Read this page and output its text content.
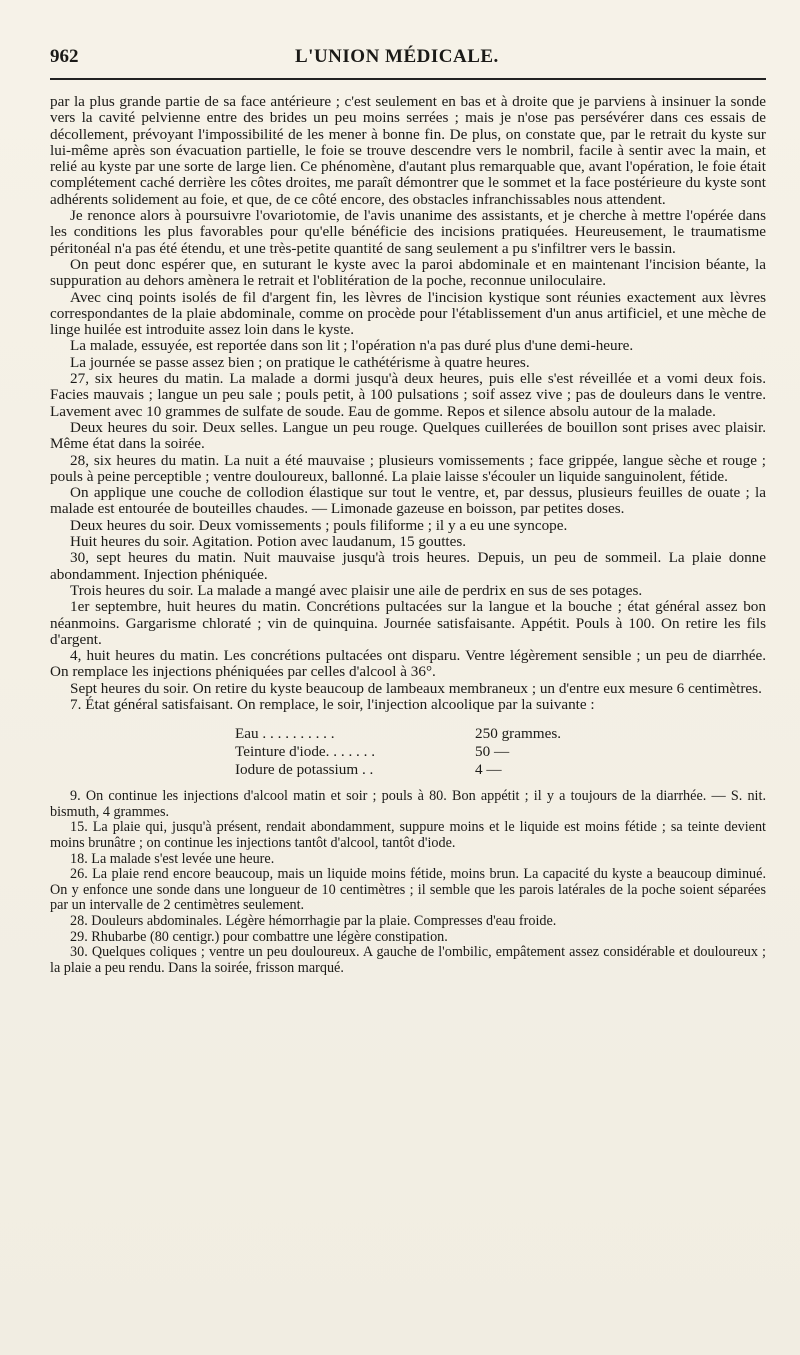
962	L'UNION MÉDICALE.

par la plus grande partie de sa face antérieure ; c'est seulement en bas et à droite que je parviens à insinuer la sonde vers la cavité pelvienne entre des brides un peu moins serrées ; mais je n'ose pas persévérer dans ces essais de décollement, prévoyant l'impossibilité de les mener à bonne fin. De plus, on constate que, par le retrait du kyste sur lui-même après son évacuation partielle, le foie se trouve descendre vers le nombril, facile à sentir avec la main, et relié au kyste par une sorte de large lien. Ce phénomène, d'autant plus remarquable que, avant l'opération, le foie était complétement caché derrière les côtes droites, me paraît démontrer que le sommet et la face postérieure du kyste sont adhérents solidement au foie, et que, de ce côté encore, des obstacles infranchissables nous attendent.

Je renonce alors à poursuivre l'ovariotomie, de l'avis unanime des assistants, et je cherche à mettre l'opérée dans les conditions les plus favorables pour qu'elle bénéficie des incisions pratiquées. Heureusement, le traumatisme péritonéal n'a pas été étendu, et une très-petite quantité de sang seulement a pu s'infiltrer vers le bassin.

On peut donc espérer que, en suturant le kyste avec la paroi abdominale et en maintenant l'incision béante, la suppuration au dehors amènera le retrait et l'oblitération de la poche, reconnue uniloculaire.

Avec cinq points isolés de fil d'argent fin, les lèvres de l'incision kystique sont réunies exactement aux lèvres correspondantes de la plaie abdominale, comme on procède pour l'établissement d'un anus artificiel, et une mèche de linge huilée est introduite assez loin dans le kyste.

La malade, essuyée, est reportée dans son lit ; l'opération n'a pas duré plus d'une demi-heure.

La journée se passe assez bien ; on pratique le cathétérisme à quatre heures.

27, six heures du matin. La malade a dormi jusqu'à deux heures, puis elle s'est réveillée et a vomi deux fois. Facies mauvais ; langue un peu sale ; pouls petit, à 100 pulsations ; soif assez vive ; pas de douleurs dans le ventre. Lavement avec 10 grammes de sulfate de soude. Eau de gomme. Repos et silence absolu autour de la malade.

Deux heures du soir. Deux selles. Langue un peu rouge. Quelques cuillerées de bouillon sont prises avec plaisir. Même état dans la soirée.

28, six heures du matin. La nuit a été mauvaise ; plusieurs vomissements ; face grippée, langue sèche et rouge ; pouls à peine perceptible ; ventre douloureux, ballonné. La plaie laisse s'écouler un liquide sanguinolent, fétide.

On applique une couche de collodion élastique sur tout le ventre, et, par dessus, plusieurs feuilles de ouate ; la malade est entourée de bouteilles chaudes. — Limonade gazeuse en boisson, par petites doses.

Deux heures du soir. Deux vomissements ; pouls filiforme ; il y a eu une syncope.

Huit heures du soir. Agitation. Potion avec laudanum, 15 gouttes.

30, sept heures du matin. Nuit mauvaise jusqu'à trois heures. Depuis, un peu de sommeil. La plaie donne abondamment. Injection phéniquée.

Trois heures du soir. La malade a mangé avec plaisir une aile de perdrix en sus de ses potages.

1er septembre, huit heures du matin. Concrétions pultacées sur la langue et la bouche ; état général assez bon néanmoins. Gargarisme chloraté ; vin de quinquina. Journée satisfaisante. Appétit. Pouls à 100. On retire les fils d'argent.

4, huit heures du matin. Les concrétions pultacées ont disparu. Ventre légèrement sensible ; un peu de diarrhée. On remplace les injections phéniquées par celles d'alcool à 36°.

Sept heures du soir. On retire du kyste beaucoup de lambeaux membraneux ; un d'entre eux mesure 6 centimètres.

7. État général satisfaisant. On remplace, le soir, l'injection alcoolique par la suivante :

Eau . . . . . . . . . .	250 grammes.
Teinture d'iode. . . . . . .	50 —
Iodure de potassium . .	4 —

9. On continue les injections d'alcool matin et soir ; pouls à 80. Bon appétit ; il y a toujours de la diarrhée. — S. nit. bismuth, 4 grammes.

15. La plaie qui, jusqu'à présent, rendait abondamment, suppure moins et le liquide est moins fétide ; sa teinte devient moins brunâtre ; on continue les injections tantôt d'alcool, tantôt d'iode.

18. La malade s'est levée une heure.

26. La plaie rend encore beaucoup, mais un liquide moins fétide, moins brun. La capacité du kyste a beaucoup diminué. On y enfonce une sonde dans une longueur de 10 centimètres ; il semble que les parois latérales de la poche soient séparées par un intervalle de 2 centimètres seulement.

28. Douleurs abdominales. Légère hémorrhagie par la plaie. Compresses d'eau froide.

29. Rhubarbe (80 centigr.) pour combattre une légère constipation.

30. Quelques coliques ; ventre un peu douloureux. A gauche de l'ombilic, empâtement assez considérable et douloureux ; la plaie a peu rendu. Dans la soirée, frisson marqué.
